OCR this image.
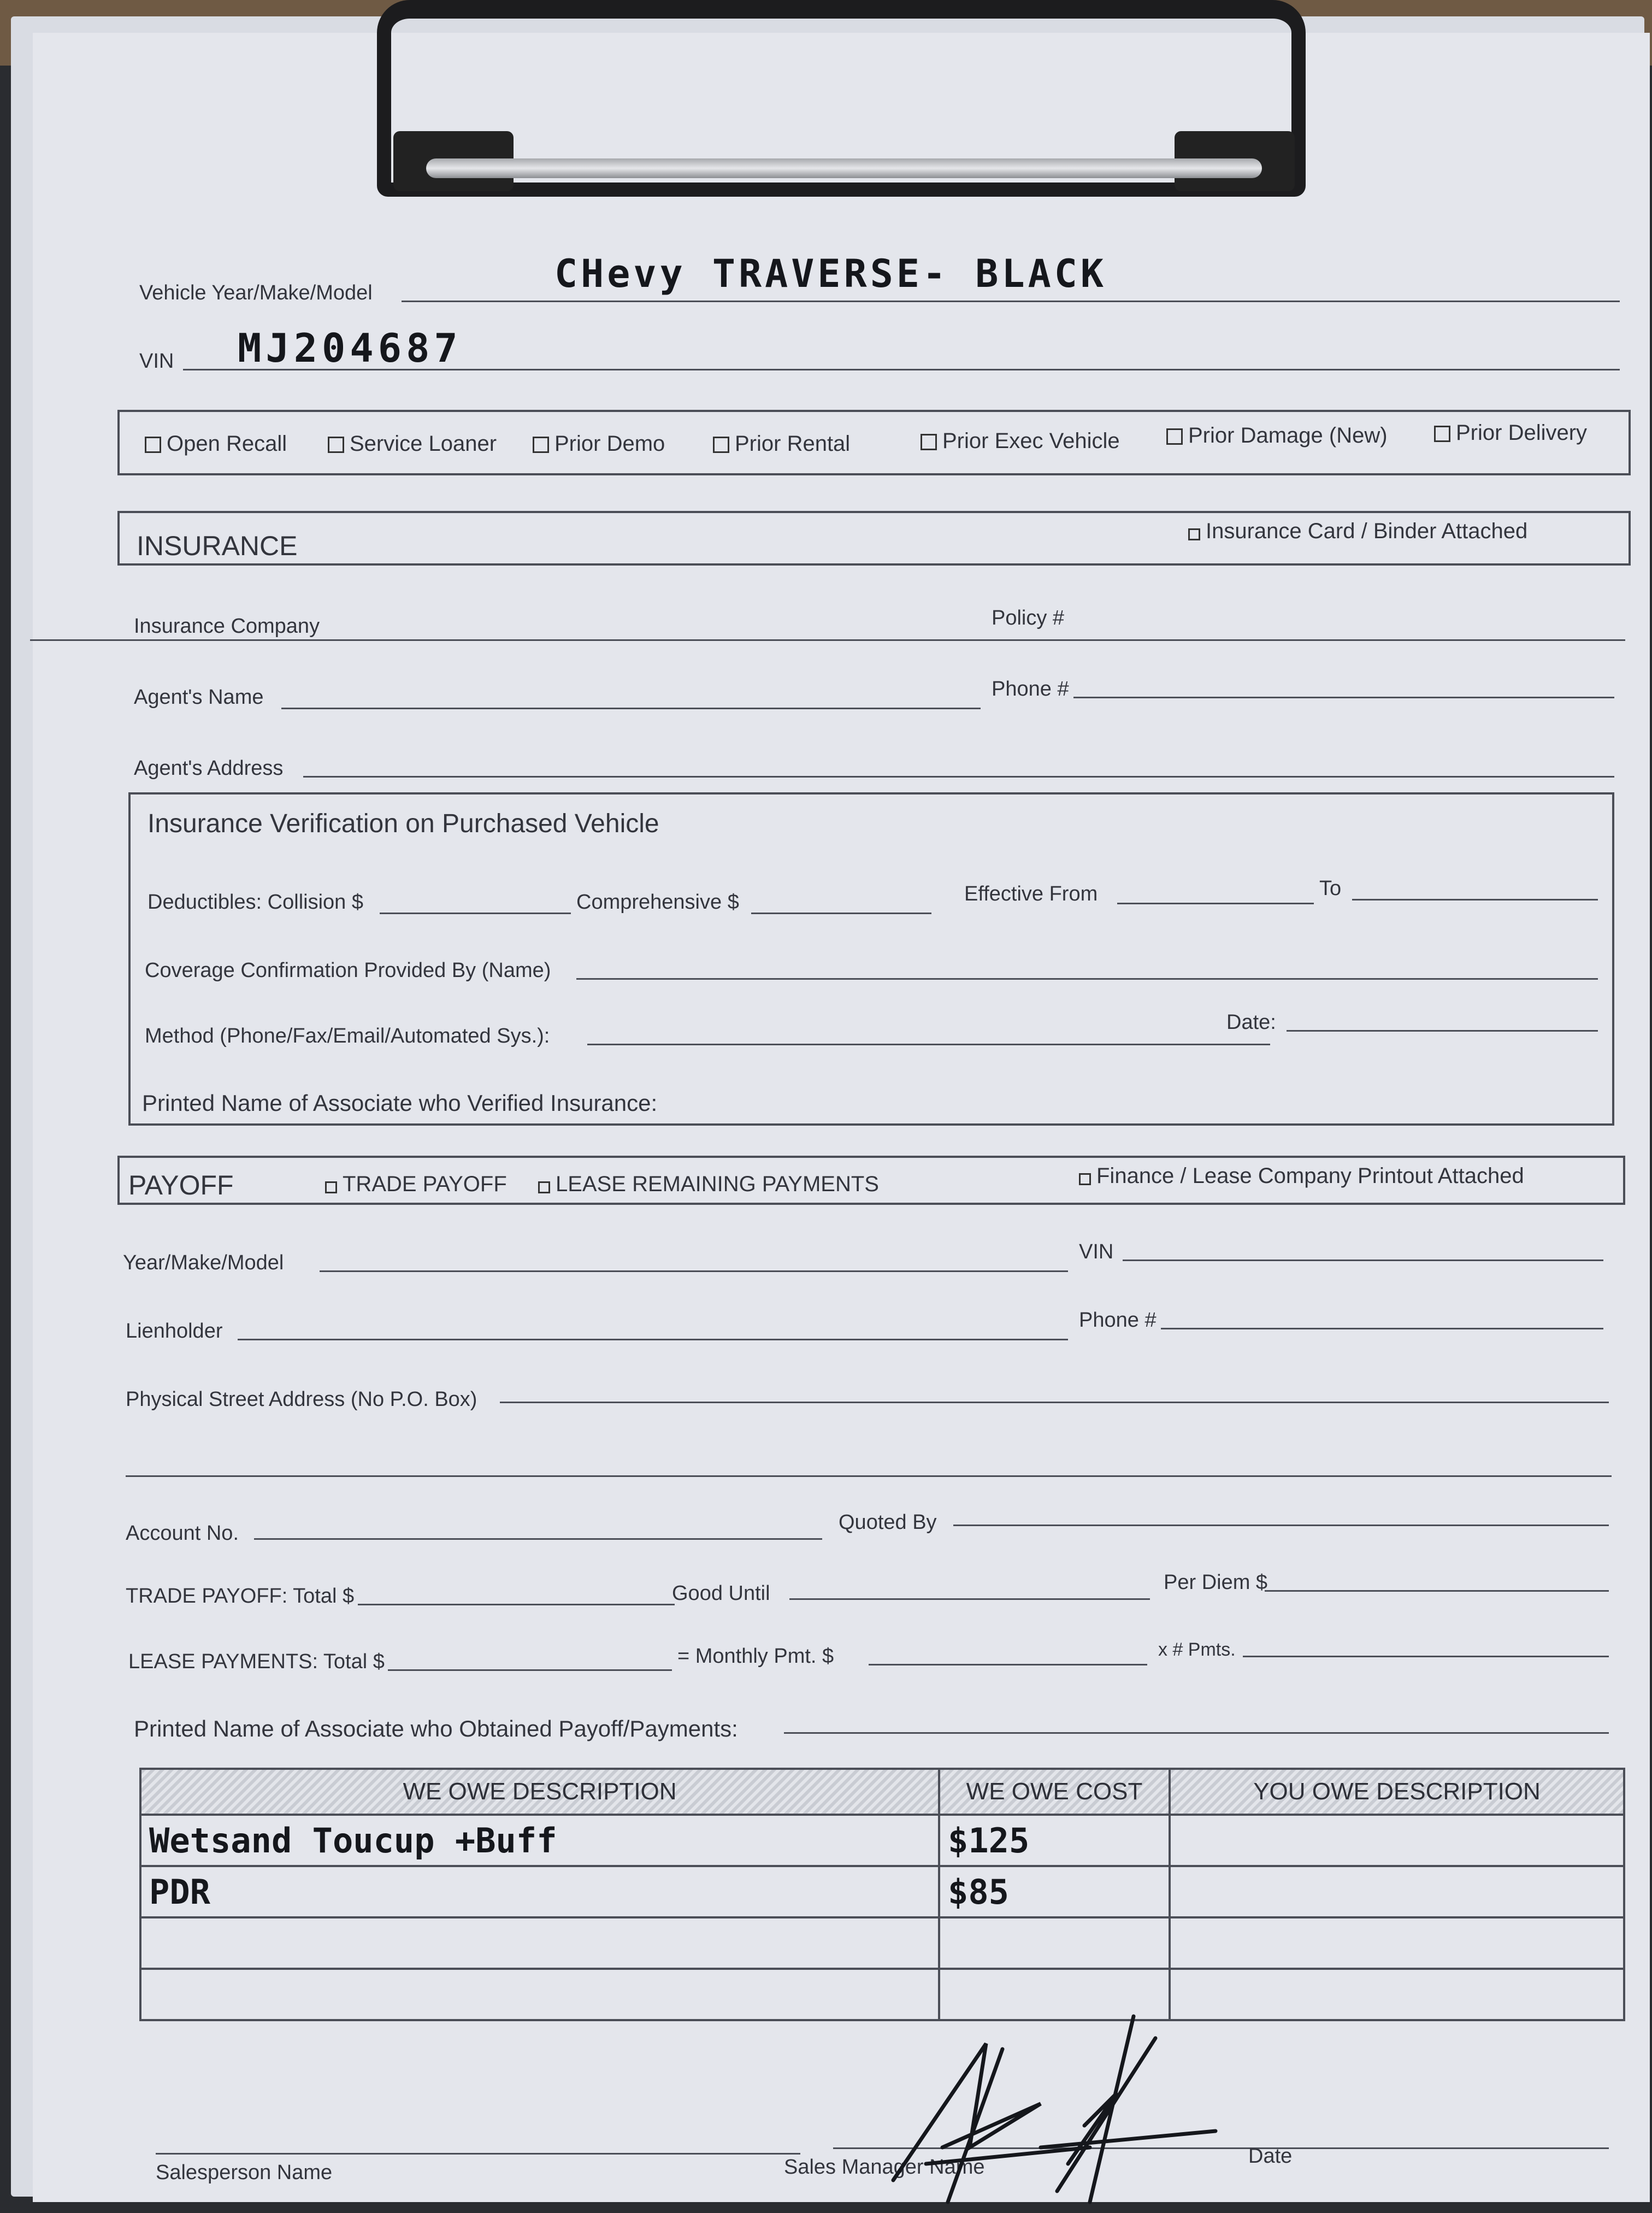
Vehicle Year/Make/Model	CHevy TRAVERSE- BLACK
VIN MJ204687
Open Recall	Service Loaner	Prior Demo	Prior Rental	Prior Exec Vehicle	Prior Damage (New)	Prior Delivery
INSURANCE	Insurance Card / Binder Attached
Insurance Company	Policy #
Agent's Name	Phone #
Agent's Address
Insurance Verification on Purchased Vehicle
Deductibles: Collision $	Comprehensive $	Effective From	To
Coverage Confirmation Provided By (Name)
Method (Phone/Fax/Email/Automated Sys.):
Date:
Printed Name of Associate who Verified Insurance:
PAYOFF	TRADE PAYOFF	LEASE REMAINING PAYMENTS	Finance / Lease Company Printout Attached
Year/Make/Model	VIN
Lienholder	Phone #
Physical Street Address (No P.O. Box)
Account No.	Quoted By
TRADE PAYOFF: Total $	Good Until	Per Diem $
LEASE PAYMENTS: Total $	= Monthly Pmt. $	x # Pmts.
Printed Name of Associate who Obtained Payoff/Payments:
WE OWE DESCRIPTION	WE OWE COST	YOU OWE DESCRIPTION
Wetsand Toucup +Buff	$125	
PDR	$85	

Salesperson Name	Sales Manager Name	Date
